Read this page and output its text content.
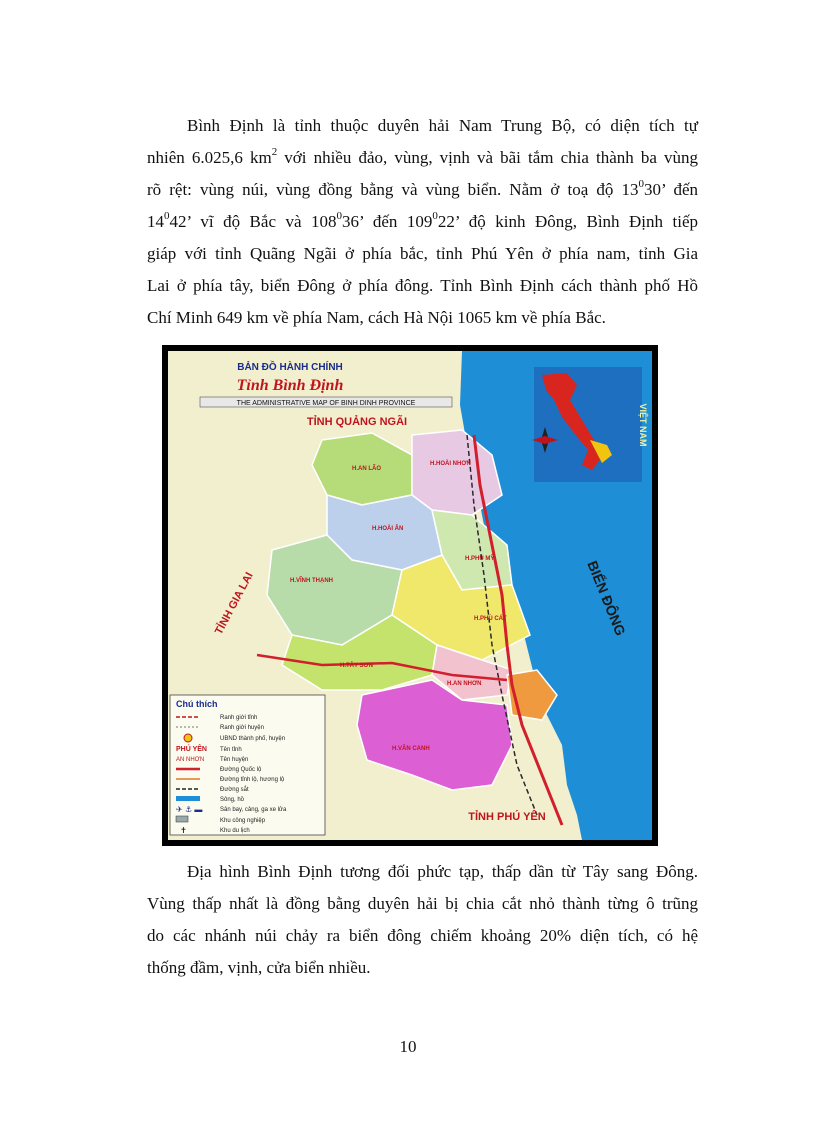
Bình Định là tỉnh thuộc duyên hải Nam Trung Bộ, có diện tích tự
nhiên 6.025,6 $km^2$ với nhiều đảo, vùng, vịnh và bãi tắm chia thành ba vùng
rõ rệt: vùng núi, vùng đồng bằng và vùng biển. Nằm ở toạ độ $13^030$’ đến
$14^042$’ vĩ độ Bắc và $108^036$’ đến $109^022$’ độ kinh Đông, Bình Định tiếp
giáp với tỉnh Quãng Ngãi ở phía bắc, tỉnh Phú Yên ở phía nam, tỉnh Gia
Lai ở phía tây, biển Đông ở phía đông. Tỉnh Bình Định cách thành phố Hồ
Chí Minh 649 km về phía Nam, cách Hà Nội 1065 km về phía Bắc.

BẢN ĐỒ HÀNH CHÍNH
Tỉnh Bình Định
THE ADMINISTRATIVE MAP OF BINH DINH PROVINCE
TỈNH QUẢNG NGÃI
TỈNH GIA LAI
TỈNH PHÚ YÊN
BIỂN ĐÔNG
VIỆT NAM
H.AN LÃO
H.HOÀI NHƠN
H.HOÀI ÂN
H.VĨNH THẠNH
H.PHÙ MỸ
H.PHÙ CÁT
H.TÂY SƠN
H.AN NHƠN
H.VÂN CANH
Chú thích
Ranh giới tỉnh
Ranh giới huyện
UBND thành phố, huyện
PHÚ YÊN Tên tỉnh
AN NHƠN	Tên huyện
Đường Quốc lộ
Đường tỉnh lộ, hương lộ
Đường sắt
Sông, hồ
✈ ⚓ ▬	Sân bay, cảng, ga xe lửa
Khu công nghiệp
✝	Khu du lịch

Địa hình Bình Định tương đối phức tạp, thấp dần từ Tây sang Đông.
Vùng thấp nhất là đồng bằng duyên hải bị chia cắt nhỏ thành từng ô trũng
do các nhánh núi chảy ra biển đông chiếm khoảng 20% diện tích, có hệ
thống đầm, vịnh, cửa biển nhiều.

10
